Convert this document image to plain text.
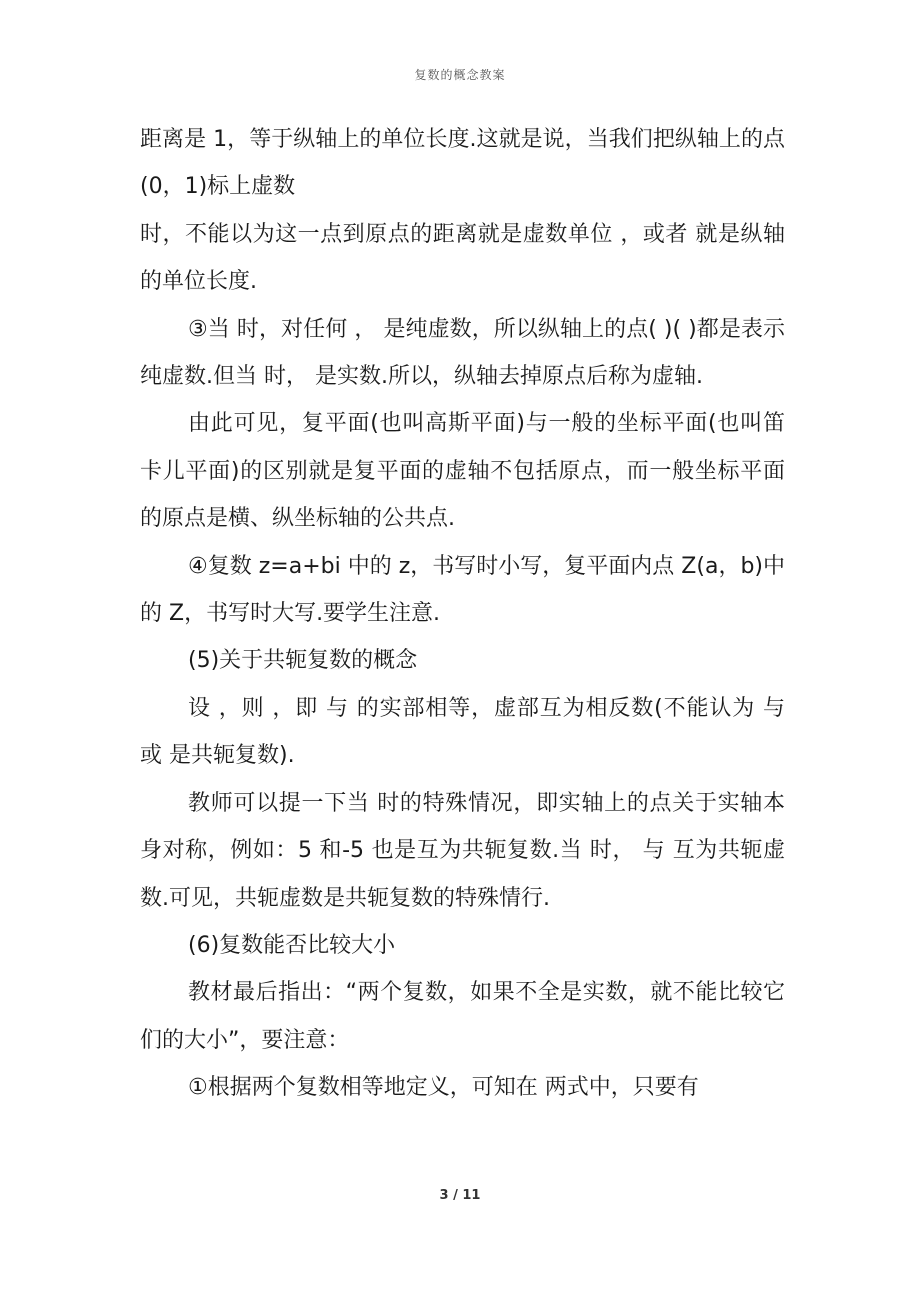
复数的概念教案

距离是 1，等于纵轴上的单位长度.这就是说，当我们把纵轴上的点(0，1)标上虚数

时，不能以为这一点到原点的距离就是虚数单位 ，或者 就是纵轴的单位长度.

③当 时，对任何 ， 是纯虚数，所以纵轴上的点( )( )都是表示纯虚数.但当 时， 是实数.所以，纵轴去掉原点后称为虚轴.

由此可见，复平面(也叫高斯平面)与一般的坐标平面(也叫笛卡儿平面)的区别就是复平面的虚轴不包括原点，而一般坐标平面的原点是横、纵坐标轴的公共点.

④复数 z=a+bi 中的 z，书写时小写，复平面内点 Z(a，b)中的 Z，书写时大写.要学生注意.

(5)关于共轭复数的概念

设 ，则 ，即 与 的实部相等，虚部互为相反数(不能认为 与 或 是共轭复数).

教师可以提一下当 时的特殊情况，即实轴上的点关于实轴本身对称，例如：5 和-5 也是互为共轭复数.当 时， 与 互为共轭虚数.可见，共轭虚数是共轭复数的特殊情行.

(6)复数能否比较大小

教材最后指出：“两个复数，如果不全是实数，就不能比较它们的大小”，要注意：

①根据两个复数相等地定义，可知在 两式中，只要有

3 / 11
